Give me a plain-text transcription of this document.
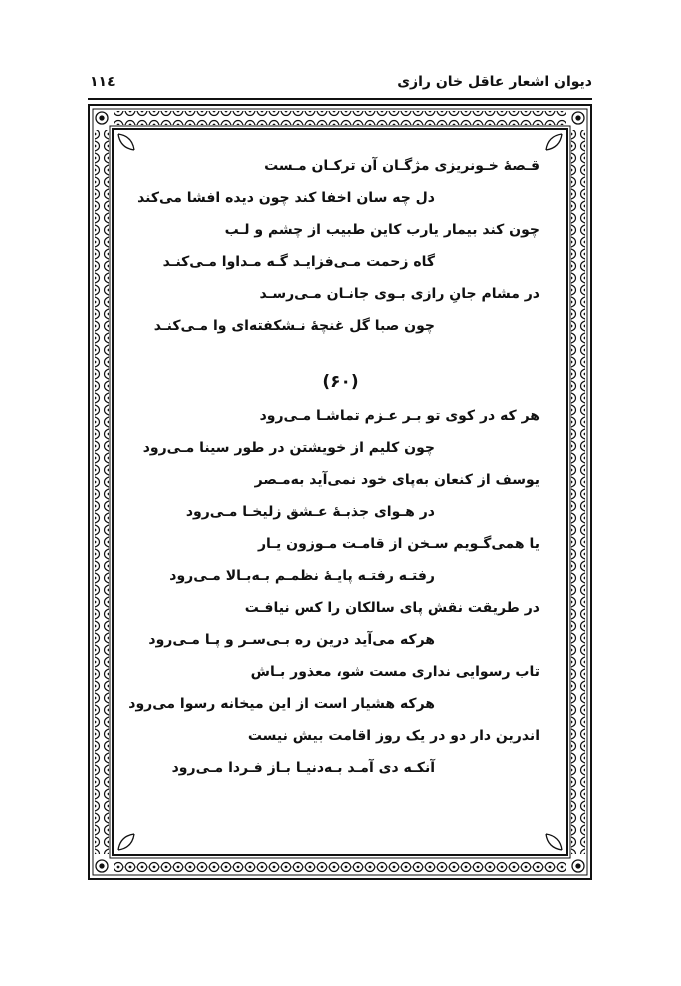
۱۱٤	دیوان اشعار عاقل خان رازی
قـصۀ خـونریزی مژگـان آن ترکـان مـست
دل چه سان اخفا کند چون دیده افشا می‌کند
چون کند بیمار یارب کاین طبیب از چشم و لـب
گاه زحمت مـی‌فزایـد گـه مـداوا مـی‌کنـد
در مشام جانِ رازی بـوی جانـان مـی‌رسـد
چون صبا گل غنچۀ نـشکفته‌ای وا مـی‌کنـد
(۶۰)
هر که در کوی تو بـر عـزم تماشـا مـی‌رود
چون کلیم از خویشتن در طور سینا مـی‌رود
یوسف از کنعان به‌پای خود نمی‌آید به‌مـصر
در هـوای جذبـۀ عـشق زلیخـا مـی‌رود
یا همی‌گـویم سـخن از قامـت مـوزون یـار
رفتـه رفتـه پایـۀ نظمـم بـه‌بـالا مـی‌رود
در طریقت نقش پای سالکان را کس نیافـت
هرکه می‌آید درین ره بـی‌سـر و پـا مـی‌رود
تاب رسوایی نداری مست شو، معذور بـاش
هرکه هشیار است از این میخانه رسوا می‌رود
اندرین دار دو در یک روز اقامت بیش نیست
آنکـه دی آمـد بـه‌دنیـا بـاز فـردا مـی‌رود
